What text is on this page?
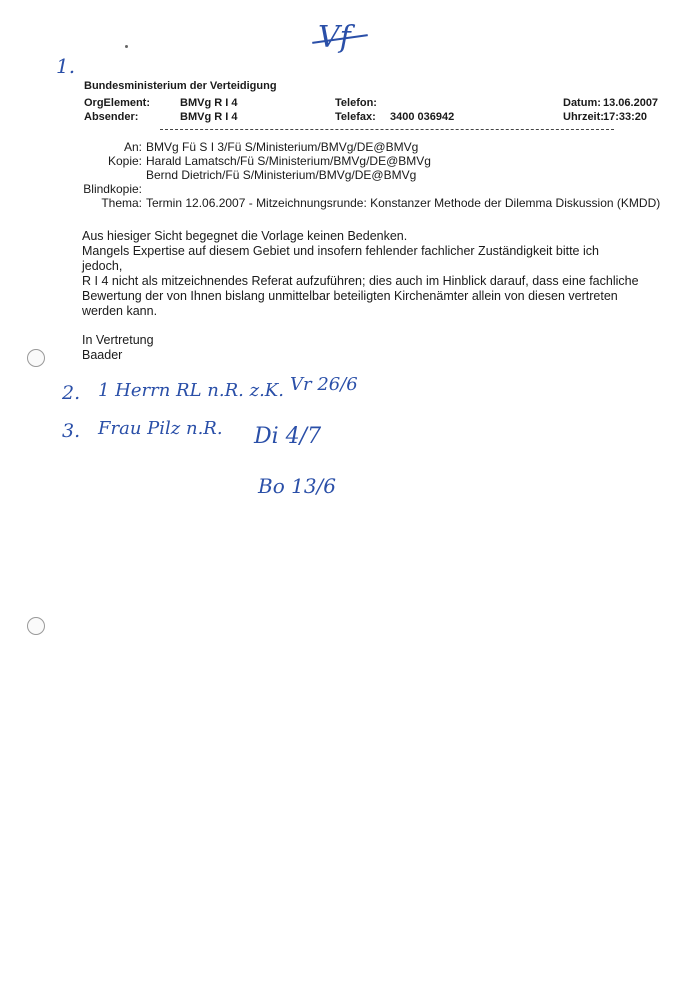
Vf
1.
Bundesministerium der Verteidigung
OrgElement:	BMVg R I 4
Absender:	BMVg R I 4
Telefon:
Telefax: 3400 036942
Datum: 13.06.2007
Uhrzeit: 17:33:20
An: BMVg Fü S I 3/Fü S/Ministerium/BMVg/DE@BMVg
Kopie: Harald Lamatsch/Fü S/Ministerium/BMVg/DE@BMVg
Bernd Dietrich/Fü S/Ministerium/BMVg/DE@BMVg
Blindkopie:
Thema: Termin 12.06.2007 - Mitzeichnungsrunde: Konstanzer Methode der Dilemma Diskussion (KMDD)
Aus hiesiger Sicht begegnet die Vorlage keinen Bedenken.
Mangels Expertise auf diesem Gebiet und insofern fehlender fachlicher Zuständigkeit bitte ich jedoch,
R I 4 nicht als mitzeichnendes Referat aufzuführen; dies auch im Hinblick darauf, dass eine fachliche
Bewertung der von Ihnen bislang unmittelbar beteiligten Kirchenämter allein von diesen vertreten
werden kann.
In Vertretung
Baader
2. 1 Herrn RL n.R. z.K. Vr 26/6
3. Frau Pilz n.R. Di 4/7
Bo 13/6
